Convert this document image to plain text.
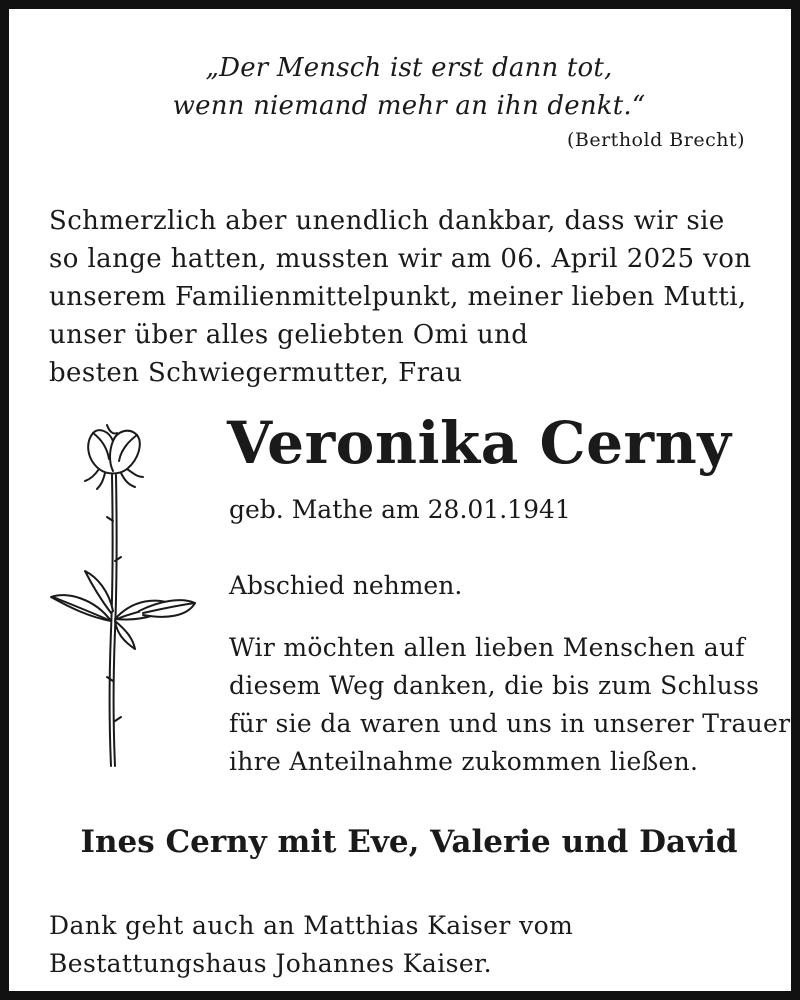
„Der Mensch ist erst dann tot,
wenn niemand mehr an ihn denkt.“
(Berthold Brecht)
Schmerzlich aber unendlich dankbar, dass wir sie
so lange hatten, mussten wir am 06. April 2025 von
unserem Familienmittelpunkt, meiner lieben Mutti,
unser über alles geliebten Omi und
besten Schwiegermutter, Frau
Veronika Cerny
geb. Mathe am 28.01.1941
Abschied nehmen.
Wir möchten allen lieben Menschen auf
diesem Weg danken, die bis zum Schluss
für sie da waren und uns in unserer Trauer
ihre Anteilnahme zukommen ließen.
Ines Cerny mit Eve, Valerie und David
Dank geht auch an Matthias Kaiser vom
Bestattungshaus Johannes Kaiser.
